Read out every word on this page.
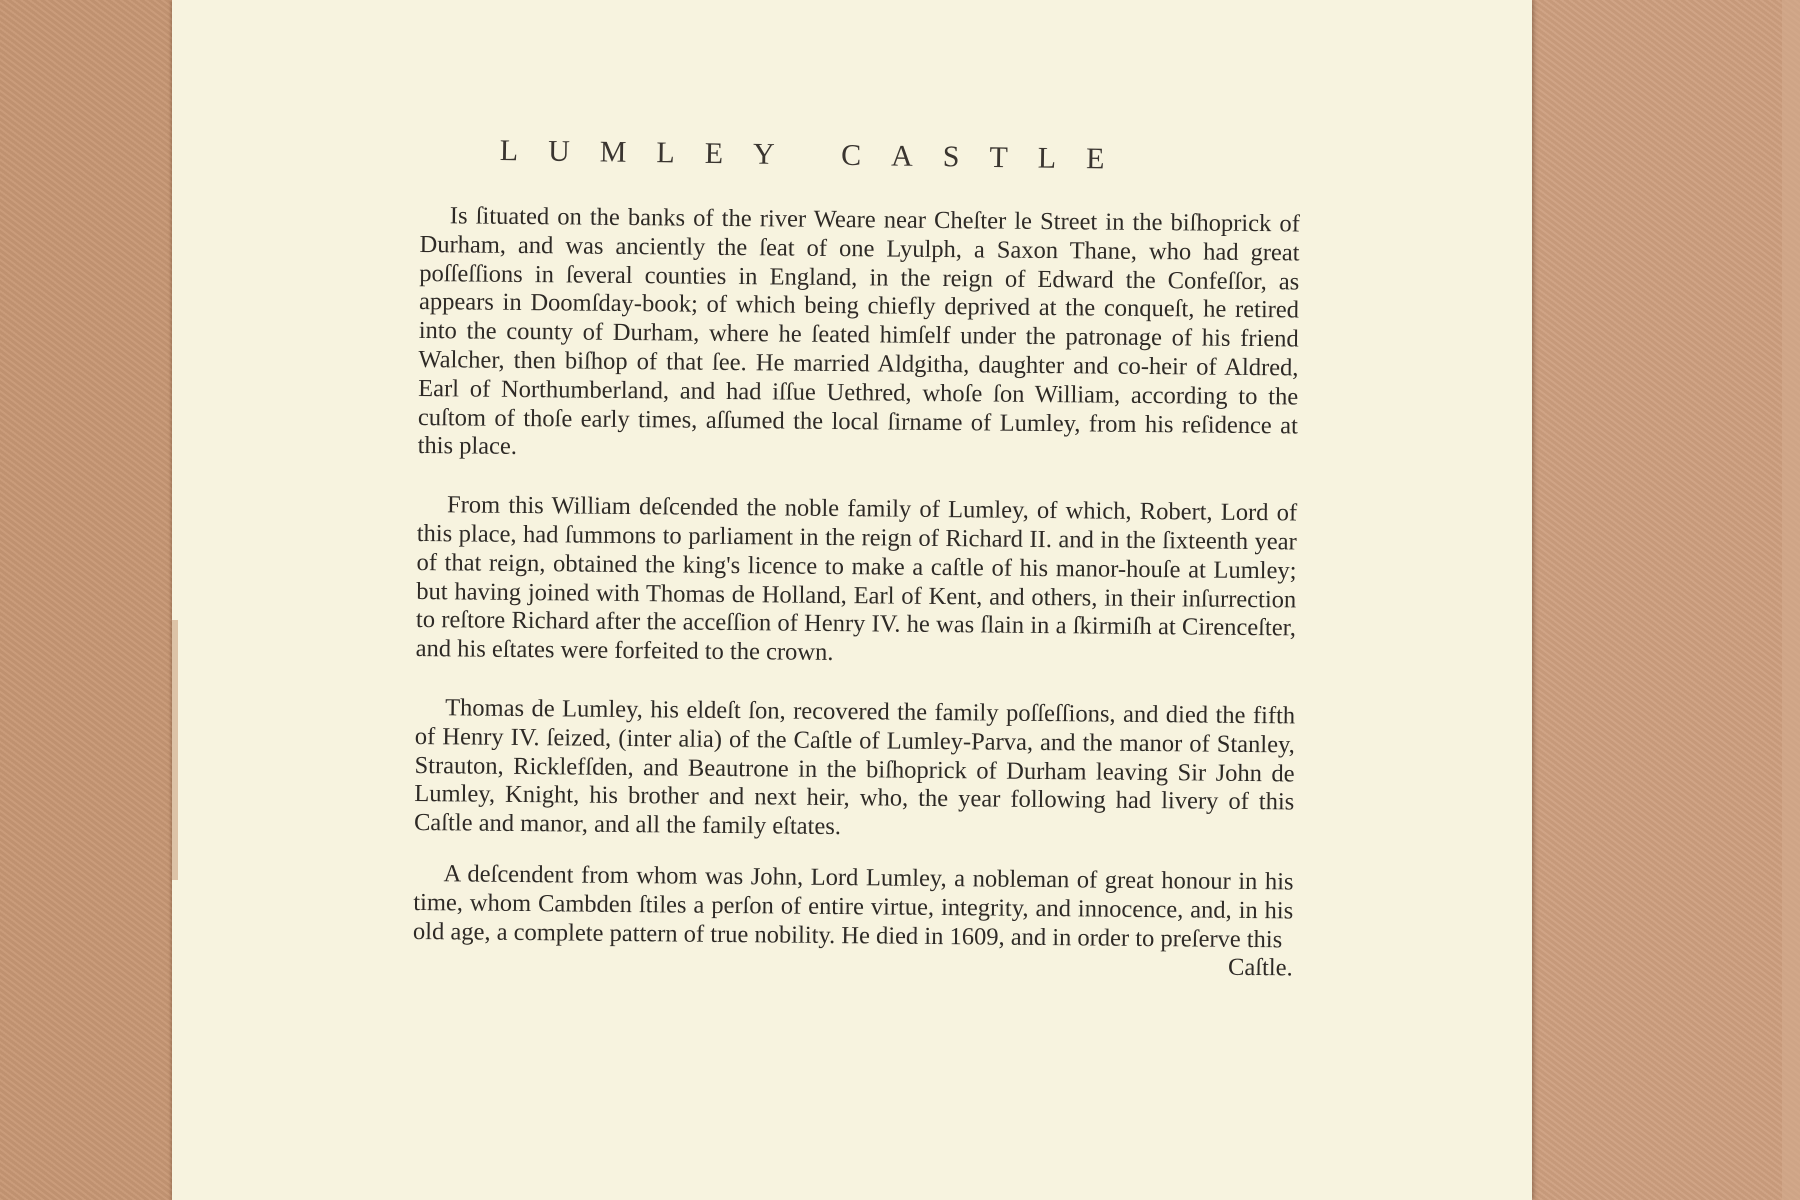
LUMLEY CASTLE

Is ſituated on the banks of the river Weare near Cheſter le Street in the biſhoprick of Durham, and was anciently the ſeat of one Lyulph, a Saxon Thane, who had great poſſeſſions in ſeveral counties in England, in the reign of Edward the Confeſſor, as appears in Doomſday-book; of which being chiefly deprived at the conqueſt, he retired into the county of Durham, where he ſeated himſelf under the patronage of his friend Walcher, then biſhop of that ſee. He married Aldgitha, daughter and co-heir of Aldred, Earl of Northumberland, and had iſſue Uethred, whoſe ſon William, according to the cuſtom of thoſe early times, aſſumed the local ſirname of Lumley, from his reſidence at this place.

From this William deſcended the noble family of Lumley, of which, Robert, Lord of this place, had ſummons to parliament in the reign of Richard II. and in the ſixteenth year of that reign, obtained the king's licence to make a caſtle of his manor-houſe at Lumley; but having joined with Thomas de Holland, Earl of Kent, and others, in their inſurrection to reſtore Richard after the acceſſion of Henry IV. he was ſlain in a ſkirmiſh at Cirenceſter, and his eſtates were forfeited to the crown.

Thomas de Lumley, his eldeſt ſon, recovered the family poſſeſſions, and died the fifth of Henry IV. ſeized, (inter alia) of the Caſtle of Lumley-Parva, and the manor of Stanley, Strauton, Ricklefſden, and Beautrone in the biſhoprick of Durham leaving Sir John de Lumley, Knight, his brother and next heir, who, the year following had livery of this Caſtle and manor, and all the family eſtates.

A deſcendent from whom was John, Lord Lumley, a nobleman of great honour in his time, whom Cambden ſtiles a perſon of entire virtue, integrity, and innocence, and, in his old age, a complete pattern of true nobility. He died in 1609, and in order to preſerve this

Caſtle.
